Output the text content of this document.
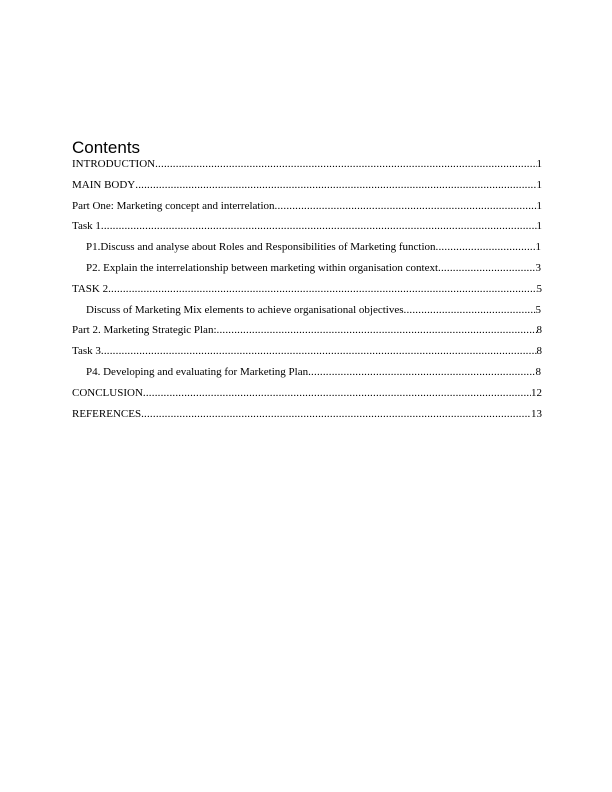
Contents
INTRODUCTION .....	1
MAIN BODY .....	1
Part One: Marketing concept and interrelation .....	1
Task 1 .....	1
P1.Discuss and analyse about Roles and Responsibilities of Marketing function .....	1
P2. Explain the interrelationship between marketing within organisation context .....	3
TASK 2 .....	5
Discuss of Marketing Mix elements to achieve organisational objectives .....	5
Part 2. Marketing Strategic Plan: .....	8
Task 3 .....	8
P4. Developing and evaluating for Marketing Plan .....	8
CONCLUSION .....	12
REFERENCES .....	13
